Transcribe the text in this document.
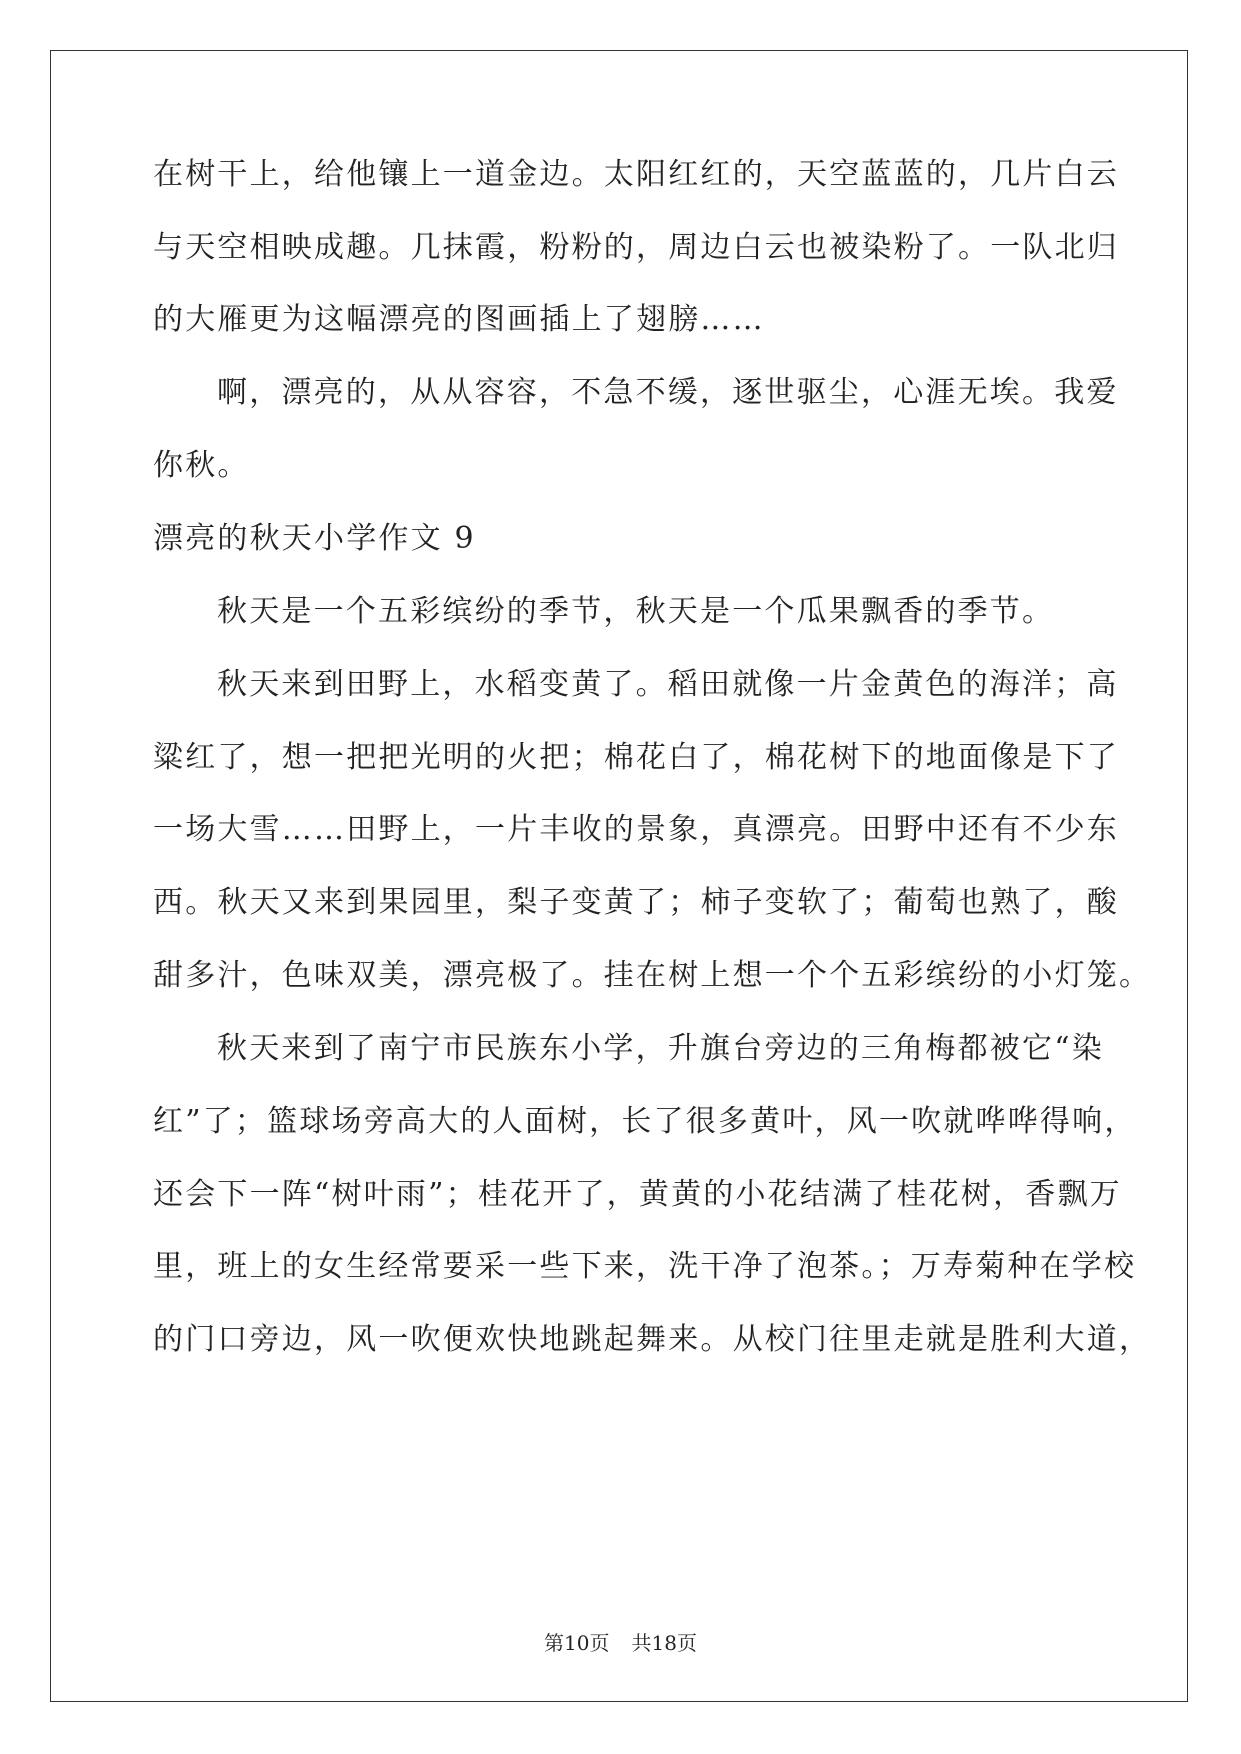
在树干上，给他镶上一道金边。太阳红红的，天空蓝蓝的，几片白云
与天空相映成趣。几抹霞，粉粉的，周边白云也被染粉了。一队北归
的大雁更为这幅漂亮的图画插上了翅膀……
啊，漂亮的，从从容容，不急不缓，逐世驱尘，心涯无埃。我爱
你秋。
漂亮的秋天小学作文 9
秋天是一个五彩缤纷的季节，秋天是一个瓜果飘香的季节。
秋天来到田野上，水稻变黄了。稻田就像一片金黄色的海洋；高
粱红了，想一把把光明的火把；棉花白了，棉花树下的地面像是下了
一场大雪……田野上，一片丰收的景象，真漂亮。田野中还有不少东
西。秋天又来到果园里，梨子变黄了；柿子变软了；葡萄也熟了，酸
甜多汁，色味双美，漂亮极了。挂在树上想一个个五彩缤纷的小灯笼。
秋天来到了南宁市民族东小学，升旗台旁边的三角梅都被它“染
红”了；篮球场旁高大的人面树，长了很多黄叶，风一吹就哗哗得响，
还会下一阵“树叶雨”；桂花开了，黄黄的小花结满了桂花树，香飘万
里，班上的女生经常要采一些下来，洗干净了泡茶。；万寿菊种在学校
的门口旁边，风一吹便欢快地跳起舞来。从校门往里走就是胜利大道，
第10页 共18页
